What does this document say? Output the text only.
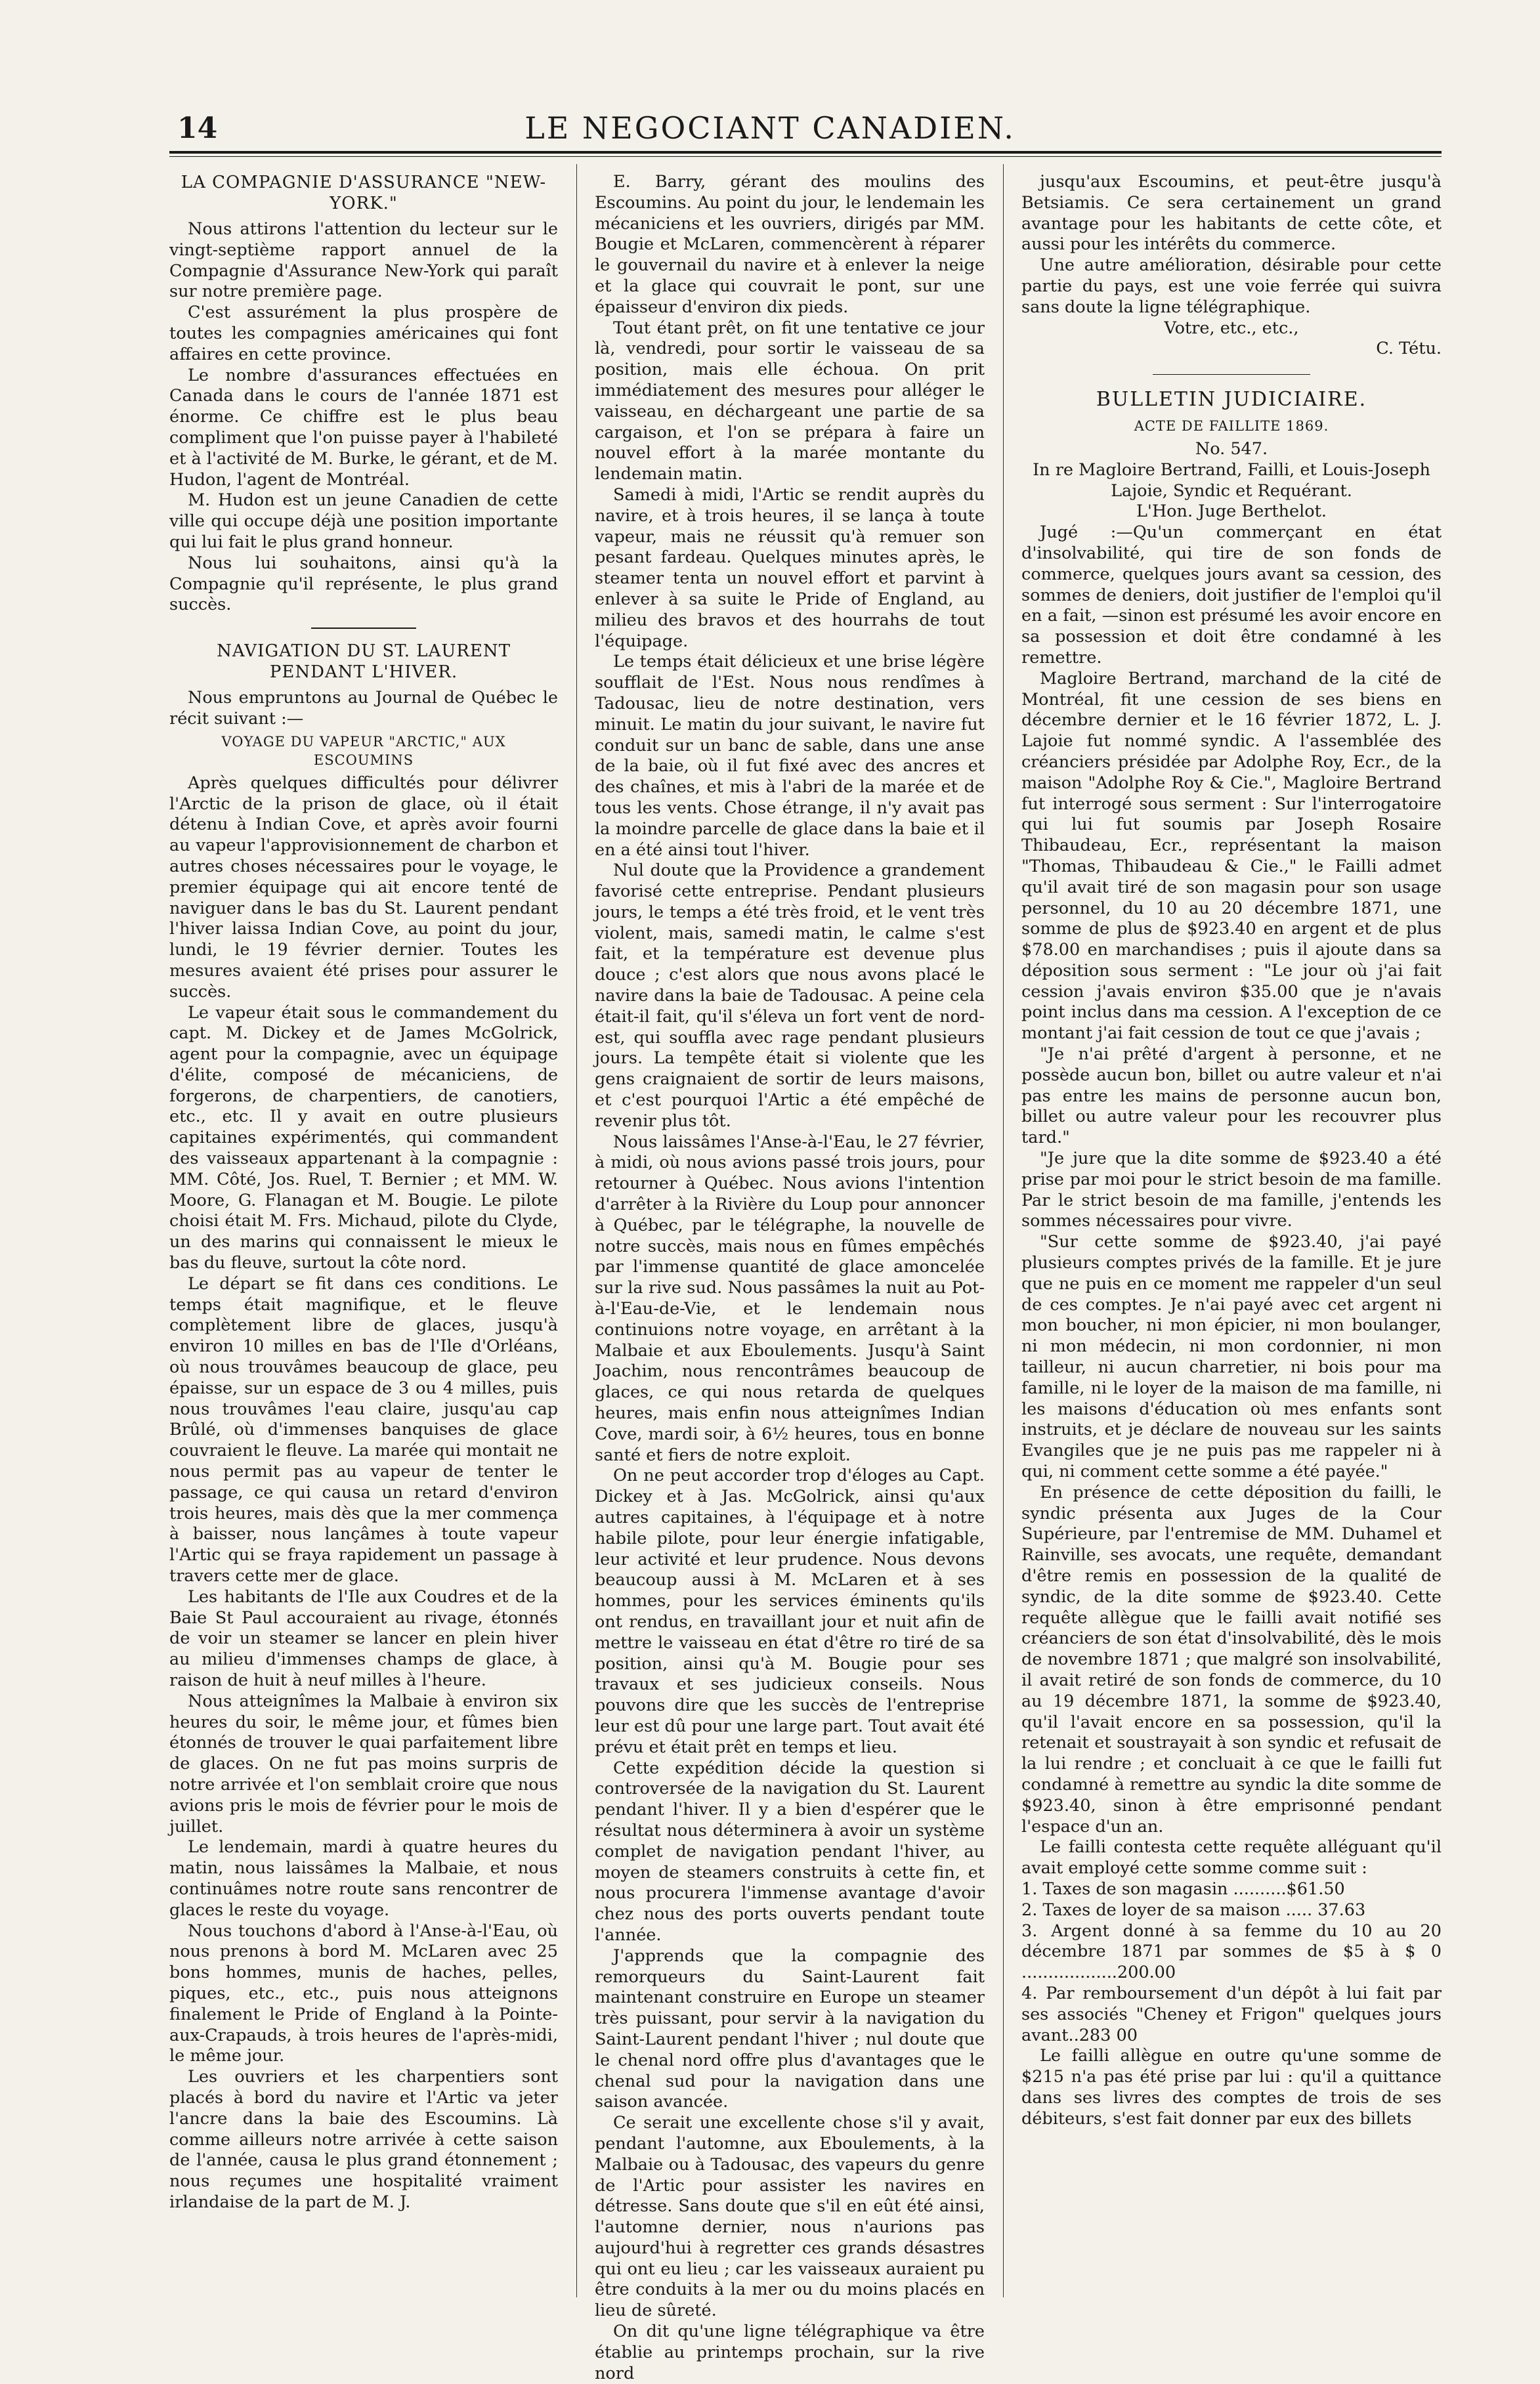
14	LE NEGOCIANT CANADIEN.
LA COMPAGNIE D'ASSURANCE "NEW-YORK."

Nous attirons l'attention du lecteur sur le vingt-septième rapport annuel de la Compagnie d'Assurance New-York qui paraît sur notre première page.

C'est assurément la plus prospère de toutes les compagnies américaines qui font affaires en cette province.

Le nombre d'assurances effectuées en Canada dans le cours de l'année 1871 est énorme. Ce chiffre est le plus beau compliment que l'on puisse payer à l'habileté et à l'activité de M. Burke, le gérant, et de M. Hudon, l'agent de Montréal.

M. Hudon est un jeune Canadien de cette ville qui occupe déjà une position importante qui lui fait le plus grand honneur.

Nous lui souhaitons, ainsi qu'à la Compagnie qu'il représente, le plus grand succès.

NAVIGATION DU ST. LAURENT PENDANT L'HIVER.

Nous empruntons au Journal de Québec le récit suivant :—

VOYAGE DU VAPEUR "ARCTIC," AUX ESCOUMINS

Après quelques difficultés pour délivrer l'Arctic de la prison de glace, où il était détenu à Indian Cove, et après avoir fourni au vapeur l'approvisionnement de charbon et autres choses nécessaires pour le voyage, le premier équipage qui ait encore tenté de naviguer dans le bas du St. Laurent pendant l'hiver laissa Indian Cove, au point du jour, lundi, le 19 février dernier. Toutes les mesures avaient été prises pour assurer le succès.

Le vapeur était sous le commandement du capt. M. Dickey et de James McGolrick, agent pour la compagnie, avec un équipage d'élite, composé de mécaniciens, de forgerons, de charpentiers, de canotiers, etc., etc. Il y avait en outre plusieurs capitaines expérimentés, qui commandent des vaisseaux appartenant à la compagnie : MM. Côté, Jos. Ruel, T. Bernier ; et MM. W. Moore, G. Flanagan et M. Bougie. Le pilote choisi était M. Frs. Michaud, pilote du Clyde, un des marins qui connaissent le mieux le bas du fleuve, surtout la côte nord.

Le départ se fit dans ces conditions. Le temps était magnifique, et le fleuve complètement libre de glaces, jusqu'à environ 10 milles en bas de l'Ile d'Orléans, où nous trouvâmes beaucoup de glace, peu épaisse, sur un espace de 3 ou 4 milles, puis nous trouvâmes l'eau claire, jusqu'au cap Brûlé, où d'immenses banquises de glace couvraient le fleuve. La marée qui montait ne nous permit pas au vapeur de tenter le passage, ce qui causa un retard d'environ trois heures, mais dès que la mer commença à baisser, nous lançâmes à toute vapeur l'Artic qui se fraya rapidement un passage à travers cette mer de glace.

Les habitants de l'Ile aux Coudres et de la Baie St Paul accouraient au rivage, étonnés de voir un steamer se lancer en plein hiver au milieu d'immenses champs de glace, à raison de huit à neuf milles à l'heure.

Nous atteignîmes la Malbaie à environ six heures du soir, le même jour, et fûmes bien étonnés de trouver le quai parfaitement libre de glaces. On ne fut pas moins surpris de notre arrivée et l'on semblait croire que nous avions pris le mois de février pour le mois de juillet.

Le lendemain, mardi à quatre heures du matin, nous laissâmes la Malbaie, et nous continuâmes notre route sans rencontrer de glaces le reste du voyage.

Nous touchons d'abord à l'Anse-à-l'Eau, où nous prenons à bord M. McLaren avec 25 bons hommes, munis de haches, pelles, piques, etc., etc., puis nous atteignons finalement le Pride of England à la Pointe-aux-Crapauds, à trois heures de l'après-midi, le même jour.

Les ouvriers et les charpentiers sont placés à bord du navire et l'Artic va jeter l'ancre dans la baie des Escoumins. Là comme ailleurs notre arrivée à cette saison de l'année, causa le plus grand étonnement ; nous reçumes une hospitalité vraiment irlandaise de la part de M. J.

E. Barry, gérant des moulins des Escoumins. Au point du jour, le lendemain les mécaniciens et les ouvriers, dirigés par MM. Bougie et McLaren, commencèrent à réparer le gouvernail du navire et à enlever la neige et la glace qui couvrait le pont, sur une épaisseur d'environ dix pieds.

Tout étant prêt, on fit une tentative ce jour là, vendredi, pour sortir le vaisseau de sa position, mais elle échoua. On prit immédiatement des mesures pour alléger le vaisseau, en déchargeant une partie de sa cargaison, et l'on se prépara à faire un nouvel effort à la marée montante du lendemain matin.

Samedi à midi, l'Artic se rendit auprès du navire, et à trois heures, il se lança à toute vapeur, mais ne réussit qu'à remuer son pesant fardeau. Quelques minutes après, le steamer tenta un nouvel effort et parvint à enlever à sa suite le Pride of England, au milieu des bravos et des hourrahs de tout l'équipage.

Le temps était délicieux et une brise légère soufflait de l'Est. Nous nous rendîmes à Tadousac, lieu de notre destination, vers minuit. Le matin du jour suivant, le navire fut conduit sur un banc de sable, dans une anse de la baie, où il fut fixé avec des ancres et des chaînes, et mis à l'abri de la marée et de tous les vents. Chose étrange, il n'y avait pas la moindre parcelle de glace dans la baie et il en a été ainsi tout l'hiver.

Nul doute que la Providence a grandement favorisé cette entreprise. Pendant plusieurs jours, le temps a été très froid, et le vent très violent, mais, samedi matin, le calme s'est fait, et la température est devenue plus douce ; c'est alors que nous avons placé le navire dans la baie de Tadousac. A peine cela était-il fait, qu'il s'éleva un fort vent de nord-est, qui souffla avec rage pendant plusieurs jours. La tempête était si violente que les gens craignaient de sortir de leurs maisons, et c'est pourquoi l'Artic a été empêché de revenir plus tôt.

Nous laissâmes l'Anse-à-l'Eau, le 27 février, à midi, où nous avions passé trois jours, pour retourner à Québec. Nous avions l'intention d'arrêter à la Rivière du Loup pour annoncer à Québec, par le télégraphe, la nouvelle de notre succès, mais nous en fûmes empêchés par l'immense quantité de glace amoncelée sur la rive sud. Nous passâmes la nuit au Pot-à-l'Eau-de-Vie, et le lendemain nous continuions notre voyage, en arrêtant à la Malbaie et aux Eboulements. Jusqu'à Saint Joachim, nous rencontrâmes beaucoup de glaces, ce qui nous retarda de quelques heures, mais enfin nous atteignîmes Indian Cove, mardi soir, à 6½ heures, tous en bonne santé et fiers de notre exploit.

On ne peut accorder trop d'éloges au Capt. Dickey et à Jas. McGolrick, ainsi qu'aux autres capitaines, à l'équipage et à notre habile pilote, pour leur énergie infatigable, leur activité et leur prudence. Nous devons beaucoup aussi à M. McLaren et à ses hommes, pour les services éminents qu'ils ont rendus, en travaillant jour et nuit afin de mettre le vaisseau en état d'être ro tiré de sa position, ainsi qu'à M. Bougie pour ses travaux et ses judicieux conseils. Nous pouvons dire que les succès de l'entreprise leur est dû pour une large part. Tout avait été prévu et était prêt en temps et lieu.

Cette expédition décide la question si controversée de la navigation du St. Laurent pendant l'hiver. Il y a bien d'espérer que le résultat nous déterminera à avoir un système complet de navigation pendant l'hiver, au moyen de steamers construits à cette fin, et nous procurera l'immense avantage d'avoir chez nous des ports ouverts pendant toute l'année.

J'apprends que la compagnie des remorqueurs du Saint-Laurent fait maintenant construire en Europe un steamer très puissant, pour servir à la navigation du Saint-Laurent pendant l'hiver ; nul doute que le chenal nord offre plus d'avantages que le chenal sud pour la navigation dans une saison avancée.

Ce serait une excellente chose s'il y avait, pendant l'automne, aux Eboulements, à la Malbaie ou à Tadousac, des vapeurs du genre de l'Artic pour assister les navires en détresse. Sans doute que s'il en eût été ainsi, l'automne dernier, nous n'aurions pas aujourd'hui à regretter ces grands désastres qui ont eu lieu ; car les vaisseaux auraient pu être conduits à la mer ou du moins placés en lieu de sûreté.

On dit qu'une ligne télégraphique va être établie au printemps prochain, sur la rive nord

jusqu'aux Escoumins, et peut-être jusqu'à Betsiamis. Ce sera certainement un grand avantage pour les habitants de cette côte, et aussi pour les intérêts du commerce.

Une autre amélioration, désirable pour cette partie du pays, est une voie ferrée qui suivra sans doute la ligne télégraphique.

Votre, etc., etc.,

C. Tétu.

BULLETIN JUDICIAIRE.
ACTE DE FAILLITE 1869.

No. 547.

In re Magloire Bertrand, Failli, et Louis-Joseph Lajoie, Syndic et Requérant.

L'Hon. Juge Berthelot.

Jugé :—Qu'un commerçant en état d'insolvabilité, qui tire de son fonds de commerce, quelques jours avant sa cession, des sommes de deniers, doit justifier de l'emploi qu'il en a fait, —sinon est présumé les avoir encore en sa possession et doit être condamné à les remettre.

Magloire Bertrand, marchand de la cité de Montréal, fit une cession de ses biens en décembre dernier et le 16 février 1872, L. J. Lajoie fut nommé syndic. A l'assemblée des créanciers présidée par Adolphe Roy, Ecr., de la maison "Adolphe Roy & Cie.", Magloire Bertrand fut interrogé sous serment : Sur l'interrogatoire qui lui fut soumis par Joseph Rosaire Thibaudeau, Ecr., représentant la maison "Thomas, Thibaudeau & Cie.," le Failli admet qu'il avait tiré de son magasin pour son usage personnel, du 10 au 20 décembre 1871, une somme de plus de $923.40 en argent et de plus $78.00 en marchandises ; puis il ajoute dans sa déposition sous serment : "Le jour où j'ai fait cession j'avais environ $35.00 que je n'avais point inclus dans ma cession. A l'exception de ce montant j'ai fait cession de tout ce que j'avais ;

"Je n'ai prêté d'argent à personne, et ne possède aucun bon, billet ou autre valeur et n'ai pas entre les mains de personne aucun bon, billet ou autre valeur pour les recouvrer plus tard."

"Je jure que la dite somme de $923.40 a été prise par moi pour le strict besoin de ma famille. Par le strict besoin de ma famille, j'entends les sommes nécessaires pour vivre.

"Sur cette somme de $923.40, j'ai payé plusieurs comptes privés de la famille. Et je jure que ne puis en ce moment me rappeler d'un seul de ces comptes. Je n'ai payé avec cet argent ni mon boucher, ni mon épicier, ni mon boulanger, ni mon médecin, ni mon cordonnier, ni mon tailleur, ni aucun charretier, ni bois pour ma famille, ni le loyer de la maison de ma famille, ni les maisons d'éducation où mes enfants sont instruits, et je déclare de nouveau sur les saints Evangiles que je ne puis pas me rappeler ni à qui, ni comment cette somme a été payée."

En présence de cette déposition du failli, le syndic présenta aux Juges de la Cour Supérieure, par l'entremise de MM. Duhamel et Rainville, ses avocats, une requête, demandant d'être remis en possession de la qualité de syndic, de la dite somme de $923.40. Cette requête allègue que le failli avait notifié ses créanciers de son état d'insolvabilité, dès le mois de novembre 1871 ; que malgré son insolvabilité, il avait retiré de son fonds de commerce, du 10 au 19 décembre 1871, la somme de $923.40, qu'il l'avait encore en sa possession, qu'il la retenait et soustrayait à son syndic et refusait de la lui rendre ; et concluait à ce que le failli fut condamné à remettre au syndic la dite somme de $923.40, sinon à être emprisonné pendant l'espace d'un an.

Le failli contesta cette requête alléguant qu'il avait employé cette somme comme suit :

1. Taxes de son magasin ..........$61.50

2. Taxes de loyer de sa maison ..... 37.63

3. Argent donné à sa femme du 10 au 20 décembre 1871 par sommes de $5 à $ 0 ..................200.00

4. Par remboursement d'un dépôt à lui fait par ses associés "Cheney et Frigon" quelques jours avant..283 00

Le failli allègue en outre qu'une somme de $215 n'a pas été prise par lui : qu'il a quittance dans ses livres des comptes de trois de ses débiteurs, s'est fait donner par eux des billets
